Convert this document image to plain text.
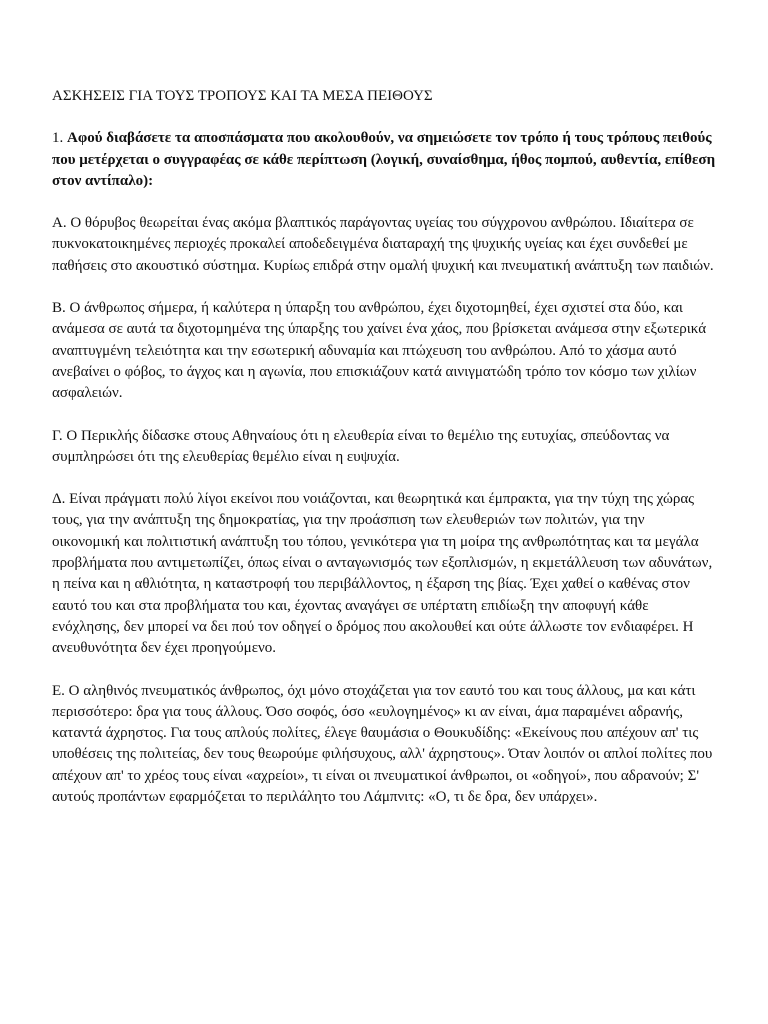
ΑΣΚΗΣΕΙΣ ΓΙΑ ΤΟΥΣ ΤΡΟΠΟΥΣ ΚΑΙ ΤΑ ΜΕΣΑ ΠΕΙΘΟΥΣ

1. Αφού διαβάσετε τα αποσπάσματα που ακολουθούν, να σημειώσετε τον τρόπο ή τους τρόπους πειθούς που μετέρχεται ο συγγραφέας σε κάθε περίπτωση (λογική, συναίσθημα, ήθος πομπού, αυθεντία, επίθεση στον αντίπαλο):

Α. Ο θόρυβος θεωρείται ένας ακόμα βλαπτικός παράγοντας υγείας του σύγχρονου ανθρώπου. Ιδιαίτερα σε πυκνοκατοικημένες περιοχές προκαλεί αποδεδειγμένα διαταραχή της ψυχικής υγείας και έχει συνδεθεί με παθήσεις στο ακουστικό σύστημα. Κυρίως επιδρά στην ομαλή ψυχική και πνευματική ανάπτυξη των παιδιών.

Β. Ο άνθρωπος σήμερα, ή καλύτερα η ύπαρξη του ανθρώπου, έχει διχοτομηθεί, έχει σχιστεί στα δύο, και ανάμεσα σε αυτά τα διχοτομημένα της ύπαρξης του χαίνει ένα χάος, που βρίσκεται ανάμεσα στην εξωτερικά αναπτυγμένη τελειότητα και την εσωτερική αδυναμία και πτώχευση του ανθρώπου. Από το χάσμα αυτό ανεβαίνει ο φόβος, το άγχος και η αγωνία, που επισκιάζουν κατά αινιγματώδη τρόπο τον κόσμο των χιλίων ασφαλειών.

Γ. Ο Περικλής δίδασκε στους Αθηναίους ότι η ελευθερία είναι το θεμέλιο της ευτυχίας, σπεύδοντας να συμπληρώσει ότι της ελευθερίας θεμέλιο είναι η ευψυχία.

Δ. Είναι πράγματι πολύ λίγοι εκείνοι που νοιάζονται, και θεωρητικά και έμπρακτα, για την τύχη της χώρας τους, για την ανάπτυξη της δημοκρατίας, για την προάσπιση των ελευθεριών των πολιτών, για την οικονομική και πολιτιστική ανάπτυξη του τόπου, γενικότερα για τη μοίρα της ανθρωπότητας και τα μεγάλα προβλήματα που αντιμετωπίζει, όπως είναι ο ανταγωνισμός των εξοπλισμών, η εκμετάλλευση των αδυνάτων, η πείνα και η αθλιότητα, η καταστροφή του περιβάλλοντος, η έξαρση της βίας. Έχει χαθεί ο καθένας στον εαυτό του και στα προβλήματα του και, έχοντας αναγάγει σε υπέρτατη επιδίωξη την αποφυγή κάθε ενόχλησης, δεν μπορεί να δει πού τον οδηγεί ο δρόμος που ακολουθεί και ούτε άλλωστε τον ενδιαφέρει. Η ανευθυνότητα δεν έχει προηγούμενο.

Ε. Ο αληθινός πνευματικός άνθρωπος, όχι μόνο στοχάζεται για τον εαυτό του και τους άλλους, μα και κάτι περισσότερο: δρα για τους άλλους. Όσο σοφός, όσο «ευλογημένος» κι αν είναι, άμα παραμένει αδρανής, καταντά άχρηστος. Για τους απλούς πολίτες, έλεγε θαυμάσια ο Θουκυδίδης: «Εκείνους που απέχουν απ' τις υποθέσεις της πολιτείας, δεν τους θεωρούμε φιλήσυχους, αλλ' άχρηστους». Όταν λοιπόν οι απλοί πολίτες που απέχουν απ' το χρέος τους είναι «αχρείοι», τι είναι οι πνευματικοί άνθρωποι, οι «οδηγοί», που αδρανούν; Σ' αυτούς προπάντων εφαρμόζεται το περιλάλητο του Λάμπνιτς: «Ο, τι δε δρα, δεν υπάρχει».
